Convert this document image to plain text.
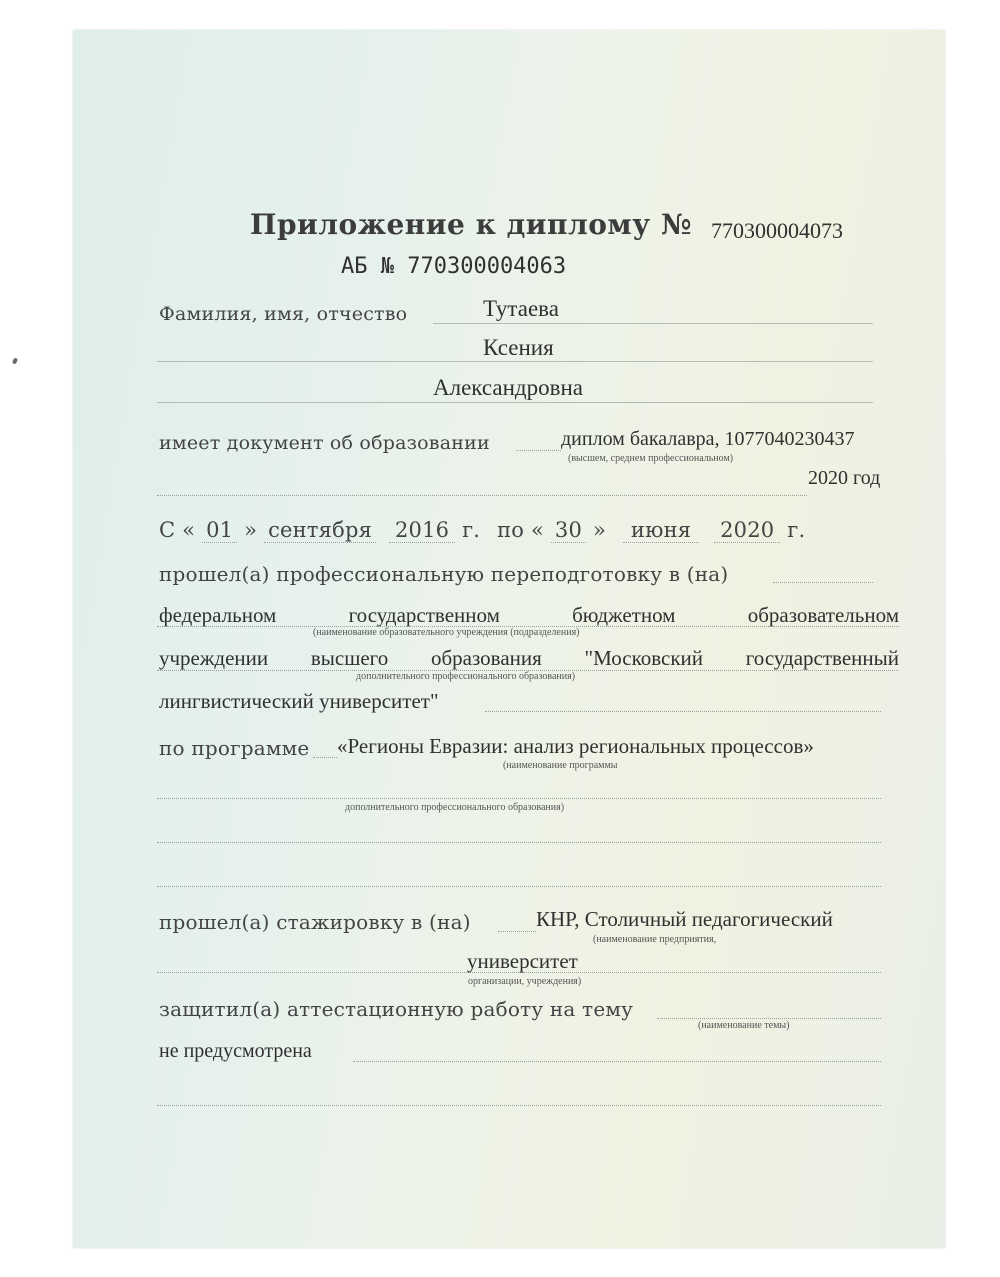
Приложение к диплому № 770300004073
АБ № 770300004063
Фамилия, имя, отчество	Тутаева
Ксения
Александровна
имеет документ об образовании	диплом бакалавра, 1077040230437
(высшем, среднем профессиональном)
2020 год
С « 01 » сентября 2016 г. по « 30 » июня 2020 г.
прошел(а) профессиональную переподготовку в (на)
федеральном	государственном	бюджетном	образовательном
(наименование образовательного учреждения (подразделения)
учреждении высшего образования "Московский государственный
дополнительного профессионального образования)
лингвистический университет"
по программе «Регионы Евразии: анализ региональных процессов»
(наименование программы
дополнительного профессионального образования)
прошел(а) стажировку в (на)	КНР, Столичный педагогический
(наименование предприятия,
университет
организации, учреждения)
защитил(а) аттестационную работу на тему
(наименование темы)
не предусмотрена
